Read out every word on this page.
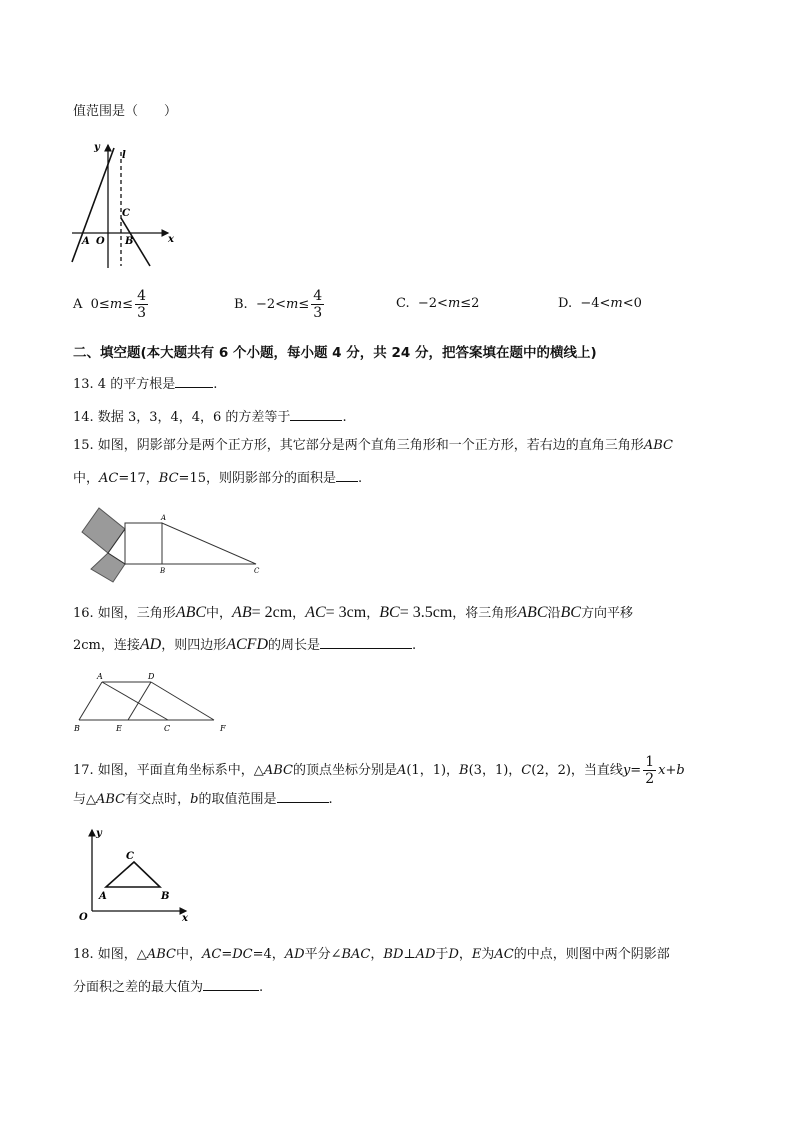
值范围是（　　）
y
x
l
C
A O B
A $0\le m\le \frac{4}{3}$	B. $-2<m\le \frac{4}{3}$	C. −2<m≤2	D. −4<m<0
二、填空题(本大题共有 6 个小题，每小题 4 分，共 24 分，把答案填在题中的横线上)
13. 4 的平方根是	.
14. 数据 3，3，4，4，6 的方差等于	.
15. 如图，阴影部分是两个正方形，其它部分是两个直角三角形和一个正方形，若右边的直角三角形ABC
中，AC=17，BC=15，则阴影部分的面积是 .
A
B	C
16. 如图，三角形ABC中，AB= 2cm，AC= 3cm，BC= 3.5cm，将三角形ABC沿BC方向平移
2cm，连接AD，则四边形ACFD的周长是	.
A	D
B	E	C	F
17. 如图，平面直角坐标系中，△ABC的顶点坐标分别是A(1，1)，B(3，1)，C(2，2)，当直线$y= \frac{1}{2} x+b$
与△ABC有交点时，b的取值范围是	.
y
x
C
A	B
O
18. 如图，△ABC中，AC=DC=4，AD平分∠BAC，BD⊥AD于D，E为AC的中点，则图中两个阴影部
分面积之差的最大值为	.
